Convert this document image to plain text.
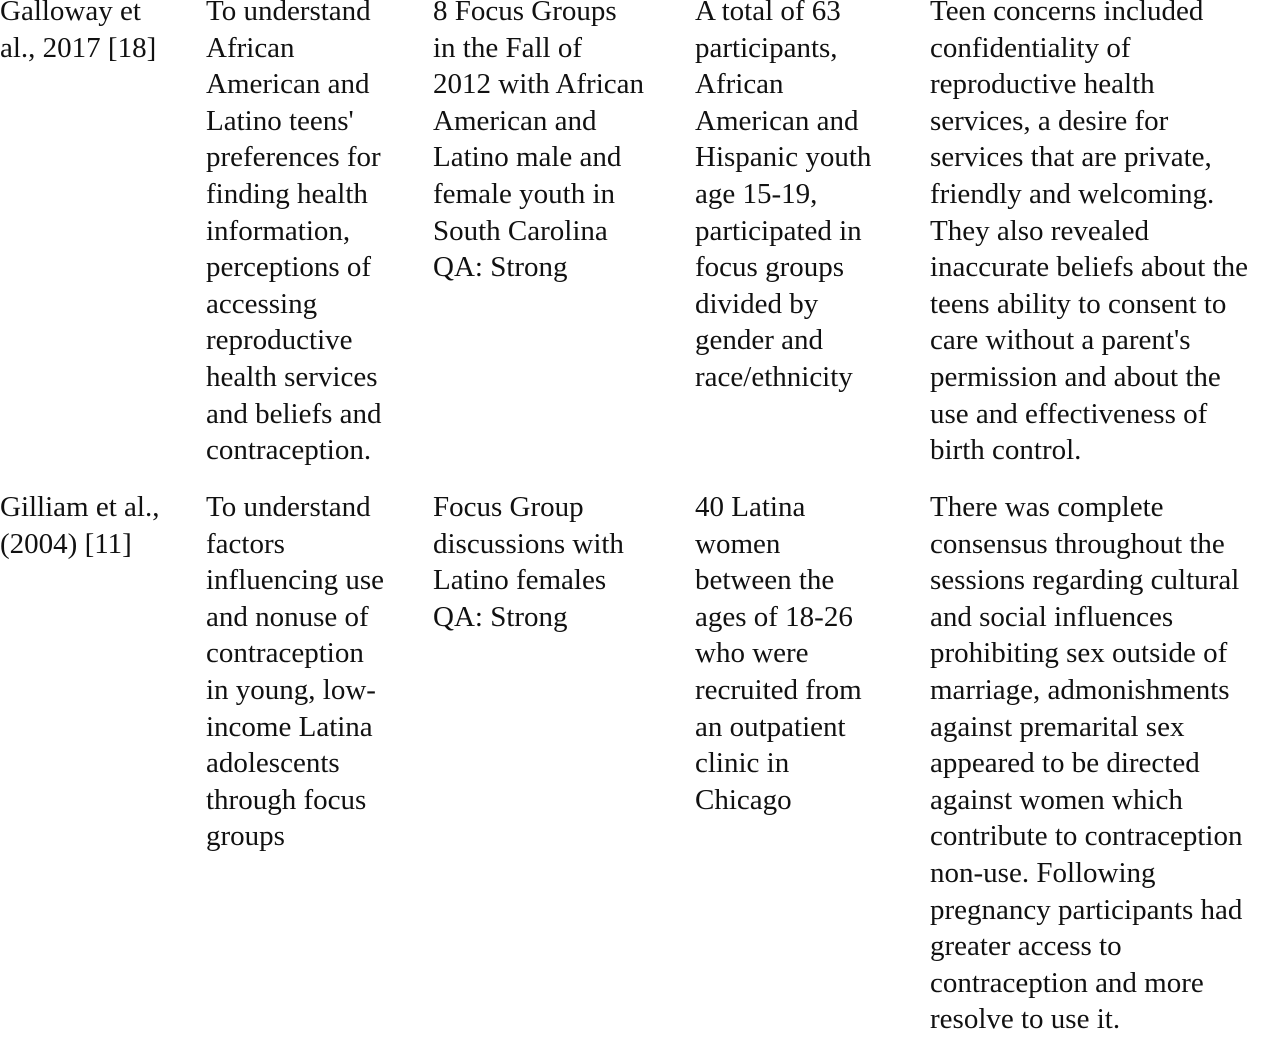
Galloway et
al., 2017 [18]
To understand
African
American and
Latino teens'
preferences for
finding health
information,
perceptions of
accessing
reproductive
health services
and beliefs and
contraception.
8 Focus Groups
in the Fall of
2012 with African
American and
Latino male and
female youth in
South Carolina
QA: Strong
A total of 63
participants,
African
American and
Hispanic youth
age 15-19,
participated in
focus groups
divided by
gender and
race/ethnicity
Teen concerns included
confidentiality of
reproductive health
services, a desire for
services that are private,
friendly and welcoming.
They also revealed
inaccurate beliefs about the
teens ability to consent to
care without a parent's
permission and about the
use and effectiveness of
birth control.
Gilliam et al.,
(2004) [11]
To understand
factors
influencing use
and nonuse of
contraception
in young, low-
income Latina
adolescents
through focus
groups
Focus Group
discussions with
Latino females
QA: Strong
40 Latina
women
between the
ages of 18-26
who were
recruited from
an outpatient
clinic in
Chicago
There was complete
consensus throughout the
sessions regarding cultural
and social influences
prohibiting sex outside of
marriage, admonishments
against premarital sex
appeared to be directed
against women which
contribute to contraception
non-use. Following
pregnancy participants had
greater access to
contraception and more
resolve to use it.
